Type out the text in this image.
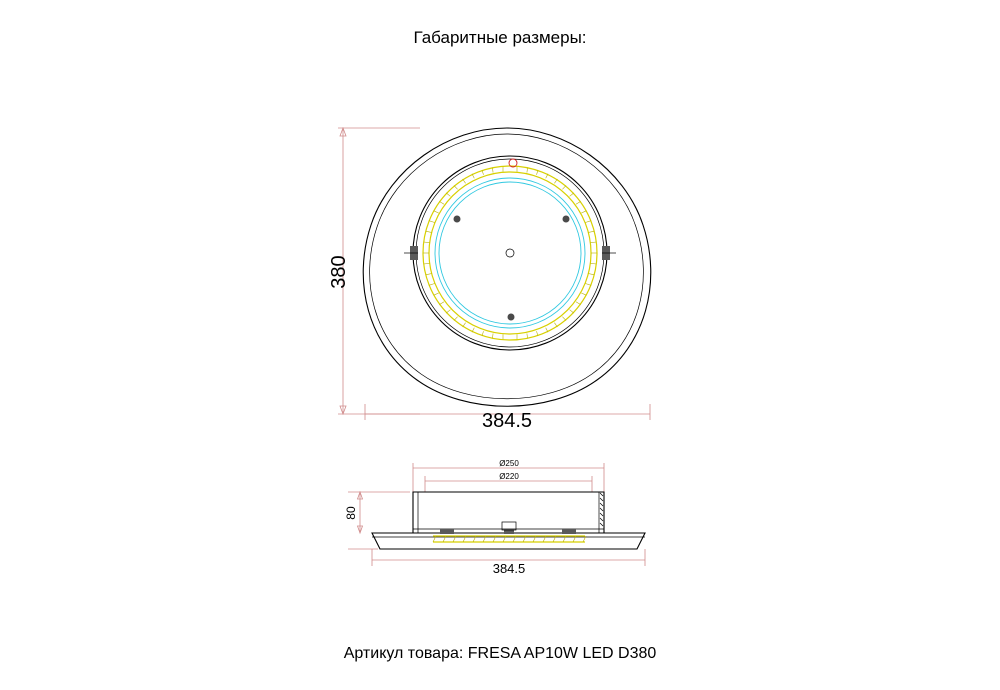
Габаритные размеры:
380
384.5
Ø250
Ø220
80
384.5
Артикул товара: FRESA AP10W LED D380
